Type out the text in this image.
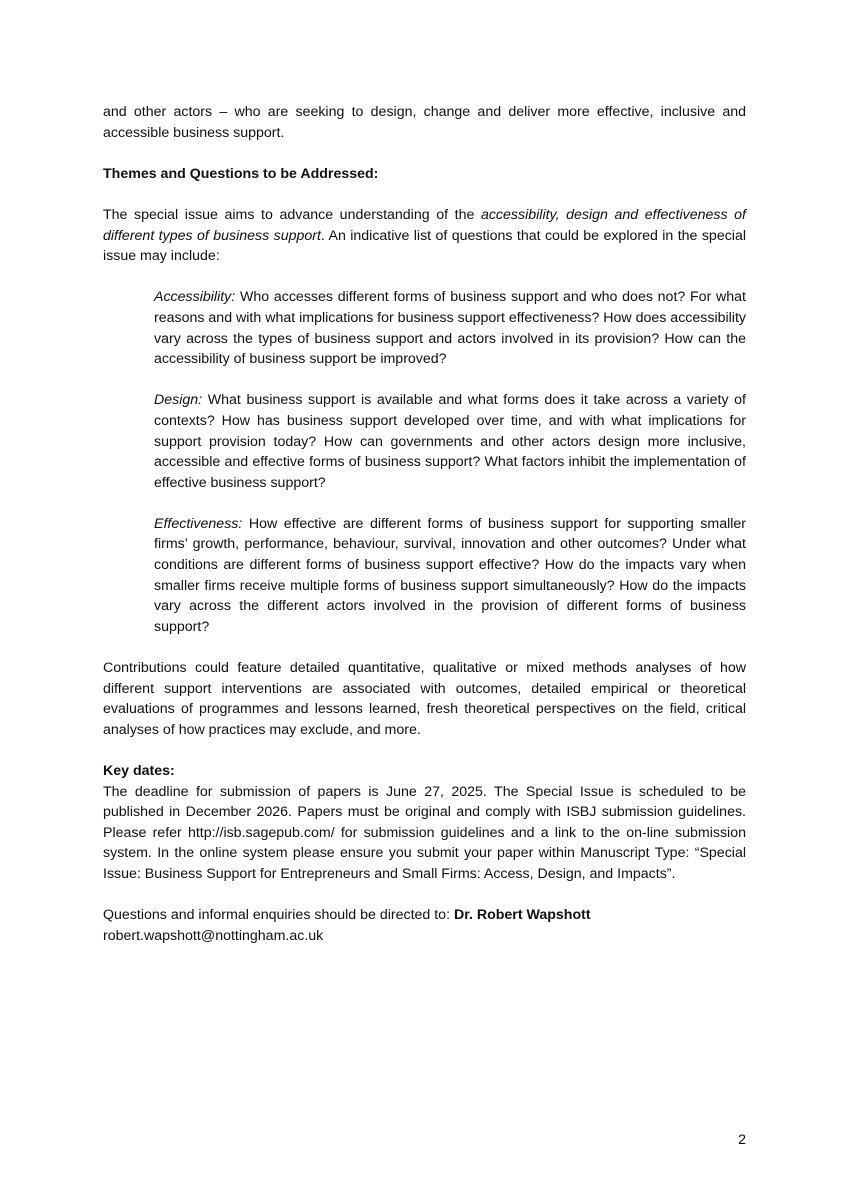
and other actors – who are seeking to design, change and deliver more effective, inclusive and accessible business support.

Themes and Questions to be Addressed:

The special issue aims to advance understanding of the accessibility, design and effectiveness of different types of business support. An indicative list of questions that could be explored in the special issue may include:

Accessibility: Who accesses different forms of business support and who does not? For what reasons and with what implications for business support effectiveness? How does accessibility vary across the types of business support and actors involved in its provision? How can the accessibility of business support be improved?

Design: What business support is available and what forms does it take across a variety of contexts? How has business support developed over time, and with what implications for support provision today? How can governments and other actors design more inclusive, accessible and effective forms of business support? What factors inhibit the implementation of effective business support?

Effectiveness: How effective are different forms of business support for supporting smaller firms’ growth, performance, behaviour, survival, innovation and other outcomes? Under what conditions are different forms of business support effective? How do the impacts vary when smaller firms receive multiple forms of business support simultaneously? How do the impacts vary across the different actors involved in the provision of different forms of business support?

Contributions could feature detailed quantitative, qualitative or mixed methods analyses of how different support interventions are associated with outcomes, detailed empirical or theoretical evaluations of programmes and lessons learned, fresh theoretical perspectives on the field, critical analyses of how practices may exclude, and more.

Key dates:

The deadline for submission of papers is June 27, 2025. The Special Issue is scheduled to be published in December 2026. Papers must be original and comply with ISBJ submission guidelines. Please refer http://isb.sagepub.com/ for submission guidelines and a link to the on-line submission system. In the online system please ensure you submit your paper within Manuscript Type: “Special Issue: Business Support for Entrepreneurs and Small Firms: Access, Design, and Impacts”.

Questions and informal enquiries should be directed to: Dr. Robert Wapshott

robert.wapshott@nottingham.ac.uk

2
